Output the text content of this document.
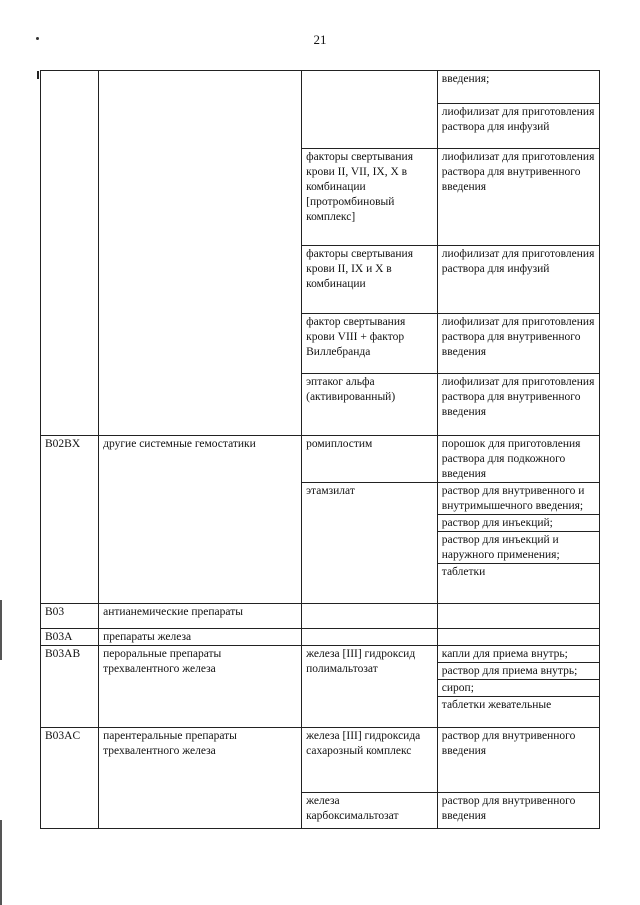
21

			введения;
лиофилизат для приготовления раствора для инфузий

		факторы свертывания крови II, VII, IX, X в комбинации [протромбиновый комплекс]	лиофилизат для приготовления раствора для внутривенного введения

		факторы свертывания крови II, IX и X в комбинации	лиофилизат для приготовления раствора для инфузий

		фактор свертывания крови VIII + фактор Виллебранда	лиофилизат для приготовления раствора для внутривенного введения

		эптаког альфа (активированный)	лиофилизат для приготовления раствора для внутривенного введения

B02BX	другие системные гемостатики	ромиплостим	порошок для приготовления раствора для подкожного введения

		этамзилат	раствор для внутривенного и внутримышечного введения;
раствор для инъекций;
раствор для инъекций и наружного применения;
таблетки

B03	антианемические препараты		
B03A	препараты железа		
B03AB	пероральные препараты трехвалентного железа	железа [III] гидроксид полимальтозат	капли для приема внутрь;
раствор для приема внутрь;
сироп;
таблетки жевательные

B03AC	парентеральные препараты трехвалентного железа	железа [III] гидроксида сахарозный комплекс	раствор для внутривенного введения

		железа карбоксимальтозат	раствор для внутривенного введения
